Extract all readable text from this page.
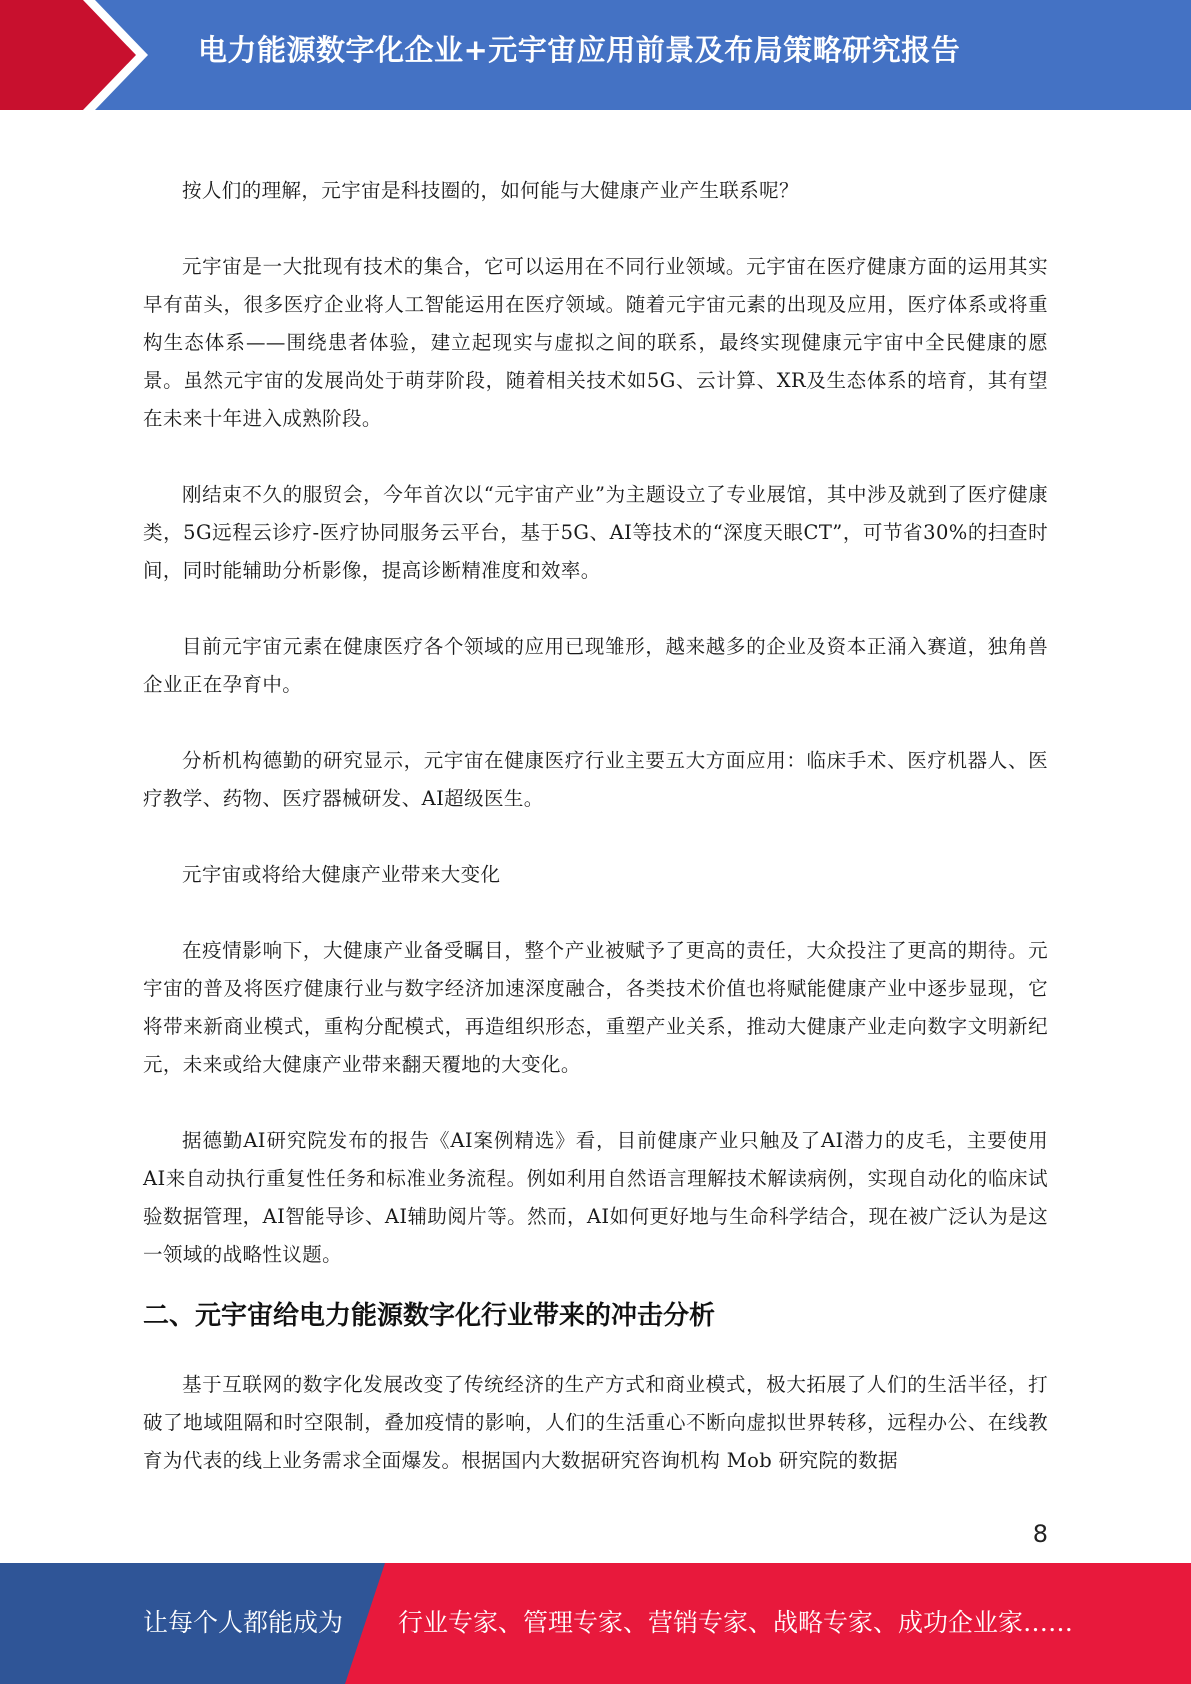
电力能源数字化企业+元宇宙应用前景及布局策略研究报告

按人们的理解，元宇宙是科技圈的，如何能与大健康产业产生联系呢？

元宇宙是一大批现有技术的集合，它可以运用在不同行业领域。元宇宙在医疗健康方面的运用其实早有苗头，很多医疗企业将人工智能运用在医疗领域。随着元宇宙元素的出现及应用，医疗体系或将重构生态体系——围绕患者体验，建立起现实与虚拟之间的联系，最终实现健康元宇宙中全民健康的愿景。虽然元宇宙的发展尚处于萌芽阶段，随着相关技术如5G、云计算、XR及生态体系的培育，其有望在未来十年进入成熟阶段。

刚结束不久的服贸会，今年首次以“元宇宙产业”为主题设立了专业展馆，其中涉及就到了医疗健康类，5G远程云诊疗-医疗协同服务云平台，基于5G、AI等技术的“深度天眼CT”，可节省30%的扫查时间，同时能辅助分析影像，提高诊断精准度和效率。

目前元宇宙元素在健康医疗各个领域的应用已现雏形，越来越多的企业及资本正涌入赛道，独角兽企业正在孕育中。

分析机构德勤的研究显示，元宇宙在健康医疗行业主要五大方面应用：临床手术、医疗机器人、医疗教学、药物、医疗器械研发、AI超级医生。

元宇宙或将给大健康产业带来大变化

在疫情影响下，大健康产业备受瞩目，整个产业被赋予了更高的责任，大众投注了更高的期待。元宇宙的普及将医疗健康行业与数字经济加速深度融合，各类技术价值也将赋能健康产业中逐步显现，它将带来新商业模式，重构分配模式，再造组织形态，重塑产业关系，推动大健康产业走向数字文明新纪元，未来或给大健康产业带来翻天覆地的大变化。

据德勤AI研究院发布的报告《AI案例精选》看，目前健康产业只触及了AI潜力的皮毛，主要使用AI来自动执行重复性任务和标准业务流程。例如利用自然语言理解技术解读病例，实现自动化的临床试验数据管理，AI智能导诊、AI辅助阅片等。然而，AI如何更好地与生命科学结合，现在被广泛认为是这一领域的战略性议题。

二、元宇宙给电力能源数字化行业带来的冲击分析

基于互联网的数字化发展改变了传统经济的生产方式和商业模式，极大拓展了人们的生活半径，打破了地域阻隔和时空限制，叠加疫情的影响，人们的生活重心不断向虚拟世界转移，远程办公、在线教育为代表的线上业务需求全面爆发。根据国内大数据研究咨询机构 Mob 研究院的数据

8
让每个人都能成为 行业专家、管理专家、营销专家、战略专家、成功企业家……
